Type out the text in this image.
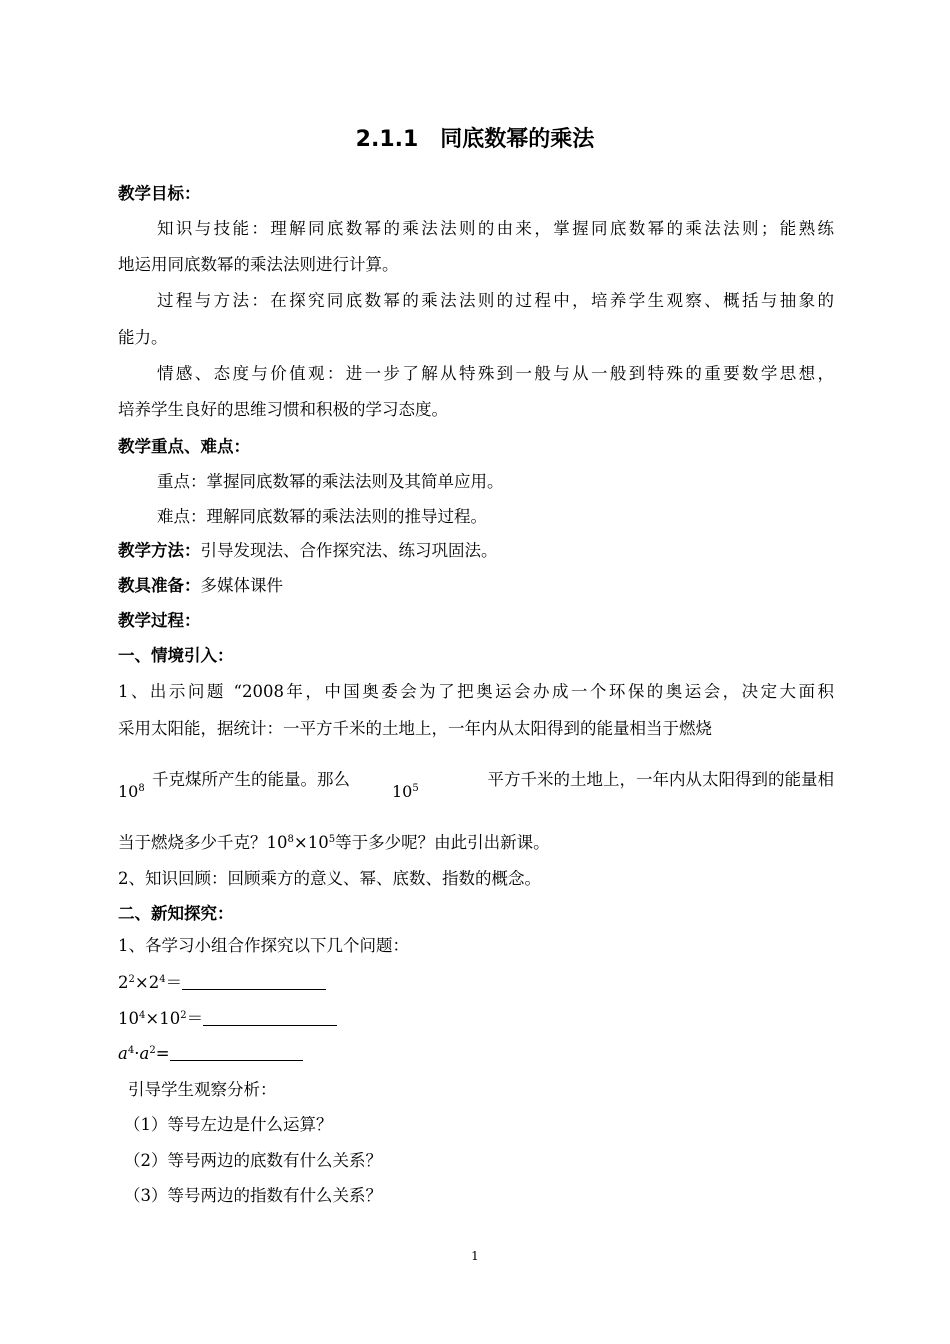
2.1.1　同底数幂的乘法
教学目标：
知识与技能：理解同底数幂的乘法法则的由来，掌握同底数幂的乘法法则；能熟练
地运用同底数幂的乘法法则进行计算。
过程与方法：在探究同底数幂的乘法法则的过程中，培养学生观察、概括与抽象的
能力。
情感、态度与价值观：进一步了解从特殊到一般与从一般到特殊的重要数学思想，
培养学生良好的思维习惯和积极的学习态度。
教学重点、难点：
重点：掌握同底数幂的乘法法则及其简单应用。
难点：理解同底数幂的乘法法则的推导过程。
教学方法：引导发现法、合作探究法、练习巩固法。
教具准备：多媒体课件
教学过程：
一、情境引入：
1、出示问题 “2008年，中国奥委会为了把奥运会办成一个环保的奥运会，决定大面积
采用太阳能，据统计：一平方千米的土地上，一年内从太阳得到的能量相当于燃烧
$10^8$ 千克煤所产生的能量。那么
$10^5$	平方千米的土地上，一年内从太阳得到的能量相
当于燃烧多少千克？$10^8\times 10^5$等于多少呢？由此引出新课。
2、知识回顾：回顾乘方的意义、幂、底数、指数的概念。
二、新知探究：
1、各学习小组合作探究以下几个问题：
$2^2\times 2^4=$
$10^4\times 10^2=$
$a^4\cdot a^2=$
引导学生观察分析：
（1）等号左边是什么运算？
（2）等号两边的底数有什么关系？
（3）等号两边的指数有什么关系？
1
